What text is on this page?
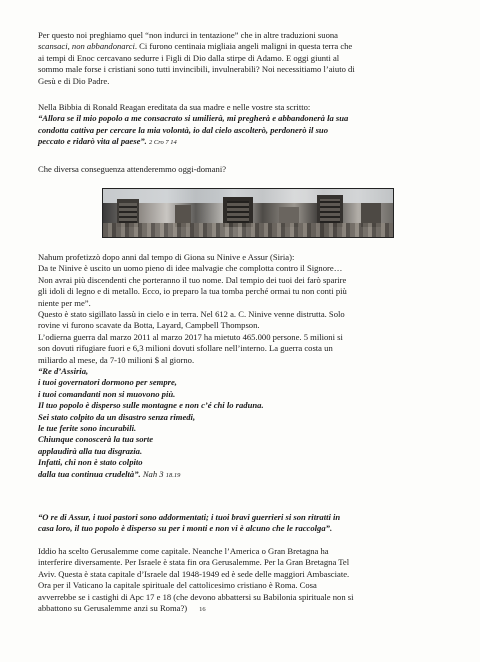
Per questo noi preghiamo quel “non indurci in tentazione” che in altre traduzioni suona
scansaci, non abbandonarci. Ci furono centinaia migliaia angeli maligni in questa terra che
ai tempi di Enoc cercavano sedurre i Figli di Dio dalla stirpe di Adamo. E oggi giunti al
sommo male forse i cristiani sono tutti invincibili, invulnerabili? Noi necessitiamo l’aiuto di
Gesù e di Dio Padre.
Nella Bibbia di Ronald Reagan ereditata da sua madre e nelle vostre sta scritto:
“Allora se il mio popolo a me consacrato si umilierà, mi pregherà e abbandonerà la sua
condotta cattiva per cercare la mia volontà, io dal cielo ascolterò, perdonerò il suo
peccato e ridarò vita al paese”. 2 Cro 7 14
Che diversa conseguenza attenderemmo oggi-domani?
Nahum profetizzò dopo anni dal tempo di Giona su Ninive e Assur (Siria):
Da te Ninive è uscito un uomo pieno di idee malvagie che complotta contro il Signore…
Non avrai più discendenti che porteranno il tuo nome. Dal tempio dei tuoi dei farò sparire
gli idoli di legno e di metallo. Ecco, io preparo la tua tomba perché ormai tu non conti più
niente per me”.
Questo è stato sigillato lassù in cielo e in terra. Nel 612 a. C. Ninive venne distrutta. Solo
rovine vi furono scavate da Botta, Layard, Campbell Thompson.
L’odierna guerra dal marzo 2011 al marzo 2017 ha mietuto 465.000 persone. 5 milioni si
son dovuti rifugiare fuori e 6,3 milioni dovuti sfollare nell’interno. La guerra costa un
miliardo al mese, da 7-10 milioni $ al giorno.
“Re d’Assiria,
i tuoi governatori dormono per sempre,
i tuoi comandanti non si muovono più.
Il tuo popolo è disperso sulle montagne e non c’é chi lo raduna.
Sei stato colpito da un disastro senza rimedi,
le tue ferite sono incurabili.
Chiunque conoscerà la tua sorte
applaudirà alla tua disgrazia.
Infatti, chi non è stato colpito
dalla tua continua crudeltà”. Nah 3 18.19
“O re di Assur, i tuoi pastori sono addormentati; i tuoi bravi guerrieri si son ritratti in
casa loro, il tuo popolo è disperso su per i monti e non vi è alcuno che le raccolga”.
Iddio ha scelto Gerusalemme come capitale. Neanche l’America o Gran Bretagna ha
interferire diversamente. Per Israele è stata fin ora Gerusalemme. Per la Gran Bretagna Tel
Aviv. Questa è stata capitale d’Israele dal 1948-1949 ed è sede delle maggiori Ambasciate.
Ora per il Vaticano la capitale spirituale del cattolicesimo cristiano è Roma. Cosa
avverrebbe se i castighi di Apc 17 e 18 (che devono abbattersi su Babilonia spirituale non si
abbattono su Gerusalemme anzi su Roma?) 16
